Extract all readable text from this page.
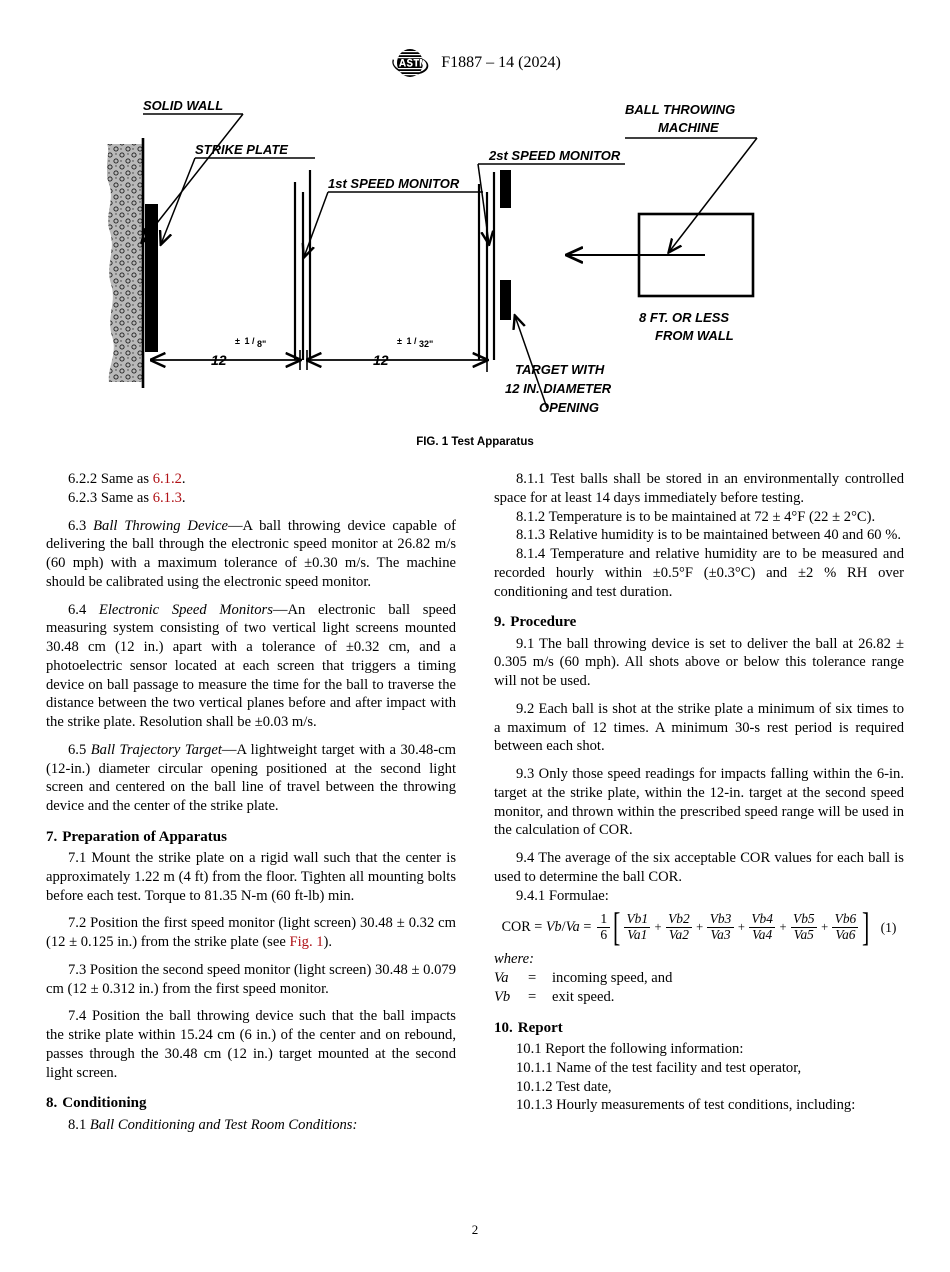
F1887 – 14 (2024)
SOLID WALL
STRIKE PLATE
1st SPEED MONITOR
2st SPEED MONITOR
BALL THROWING
MACHINE
8 FT. OR LESS
FROM WALL
TARGET WITH
12 IN. DIAMETER
OPENING
12
± 1 / 8"
12
± 1 / 32"
FIG. 1 Test Apparatus

6.2.2 Same as 6.1.2.

6.2.3 Same as 6.1.3.

6.3 Ball Throwing Device—A ball throwing device capable of delivering the ball through the electronic speed monitor at 26.82 m/s (60 mph) with a maximum tolerance of ±0.30 m/s. The machine should be calibrated using the electronic speed monitor.

6.4 Electronic Speed Monitors—An electronic ball speed measuring system consisting of two vertical light screens mounted 30.48 cm (12 in.) apart with a tolerance of ±0.32 cm, and a photoelectric sensor located at each screen that triggers a timing device on ball passage to measure the time for the ball to traverse the distance between the two vertical planes before and after impact with the strike plate. Resolution shall be ±0.03 m/s.

6.5 Ball Trajectory Target—A lightweight target with a 30.48-cm (12-in.) diameter circular opening positioned at the second light screen and centered on the ball line of travel between the throwing device and the center of the strike plate.

7. Preparation of Apparatus

7.1 Mount the strike plate on a rigid wall such that the center is approximately 1.22 m (4 ft) from the floor. Tighten all mounting bolts before each test. Torque to 81.35 N-m (60 ft-lb) min.

7.2 Position the first speed monitor (light screen) 30.48 ± 0.32 cm (12 ± 0.125 in.) from the strike plate (see Fig. 1).

7.3 Position the second speed monitor (light screen) 30.48 ± 0.079 cm (12 ± 0.312 in.) from the first speed monitor.

7.4 Position the ball throwing device such that the ball impacts the strike plate within 15.24 cm (6 in.) of the center and on rebound, passes through the 30.48 cm (12 in.) target mounted at the second light screen.

8. Conditioning

8.1 Ball Conditioning and Test Room Conditions:

8.1.1 Test balls shall be stored in an environmentally controlled space for at least 14 days immediately before testing.

8.1.2 Temperature is to be maintained at 72 ± 4°F (22 ± 2°C).

8.1.3 Relative humidity is to be maintained between 40 and 60 %.

8.1.4 Temperature and relative humidity are to be measured and recorded hourly within ±0.5°F (±0.3°C) and ±2 % RH over conditioning and test duration.

9. Procedure

9.1 The ball throwing device is set to deliver the ball at 26.82 ± 0.305 m/s (60 mph). All shots above or below this tolerance range will not be used.

9.2 Each ball is shot at the strike plate a minimum of six times to a maximum of 12 times. A minimum 30-s rest period is required between each shot.

9.3 Only those speed readings for impacts falling within the 6-in. target at the strike plate, within the 12-in. target at the second speed monitor, and thrown within the prescribed speed range will be used in the calculation of COR.

9.4 The average of the six acceptable COR values for each ball is used to determine the ball COR.

9.4.1 Formulae:

COR = $Vb/Va = \frac{1}{6}$ [ $\frac{Vb1}{Va1} + \frac{Vb2}{Va2} + \frac{Vb3}{Va3} + \frac{Vb4}{Va4} + \frac{Vb5}{Va5} + \frac{Vb6}{Va6}$ ] (1)

where:

Va	=	incoming speed, and
Vb	=	exit speed.

10. Report

10.1 Report the following information:

10.1.1 Name of the test facility and test operator,

10.1.2 Test date,

10.1.3 Hourly measurements of test conditions, including:

2
